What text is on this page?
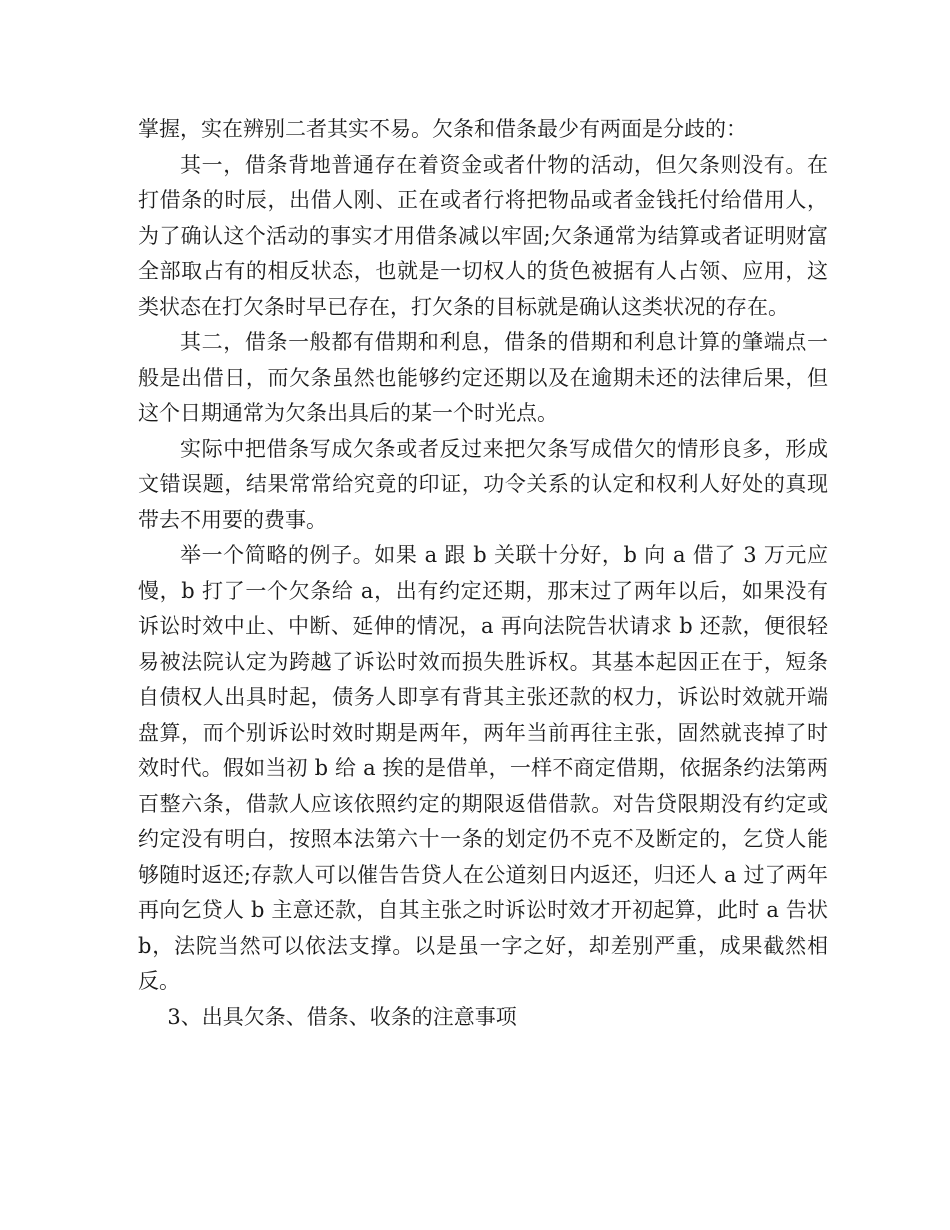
掌握，实在辨别二者其实不易。欠条和借条最少有两面是分歧的：

其一，借条背地普通存在着资金或者什物的活动，但欠条则没有。在打借条的时辰，出借人刚、正在或者行将把物品或者金钱托付给借用人，为了确认这个活动的事实才用借条减以牢固;欠条通常为结算或者证明财富全部取占有的相反状态，也就是一切权人的货色被据有人占领、应用，这类状态在打欠条时早已存在，打欠条的目标就是确认这类状况的存在。

其二，借条一般都有借期和利息，借条的借期和利息计算的肇端点一般是出借日，而欠条虽然也能够约定还期以及在逾期未还的法律后果，但这个日期通常为欠条出具后的某一个时光点。

实际中把借条写成欠条或者反过来把欠条写成借欠的情形良多，形成文错误题，结果常常给究竟的印证，功令关系的认定和权利人好处的真现带去不用要的费事。

举一个简略的例子。如果 a 跟 b 关联十分好，b 向 a 借了 3 万元应慢，b 打了一个欠条给 a，出有约定还期，那末过了两年以后，如果没有诉讼时效中止、中断、延伸的情况，a 再向法院告状请求 b 还款，便很轻易被法院认定为跨越了诉讼时效而损失胜诉权。其基本起因正在于，短条自债权人出具时起，债务人即享有背其主张还款的权力，诉讼时效就开端盘算，而个别诉讼时效时期是两年，两年当前再往主张，固然就丧掉了时效时代。假如当初 b 给 a 挨的是借单，一样不商定借期，依据条约法第两百整六条，借款人应该依照约定的期限返借借款。对告贷限期没有约定或约定没有明白，按照本法第六十一条的划定仍不克不及断定的，乞贷人能够随时返还;存款人可以催告告贷人在公道刻日内返还，归还人 a 过了两年再向乞贷人 b 主意还款，自其主张之时诉讼时效才开初起算，此时 a 告状 b，法院当然可以依法支撑。以是虽一字之好，却差别严重，成果截然相反。

3、出具欠条、借条、收条的注意事项
